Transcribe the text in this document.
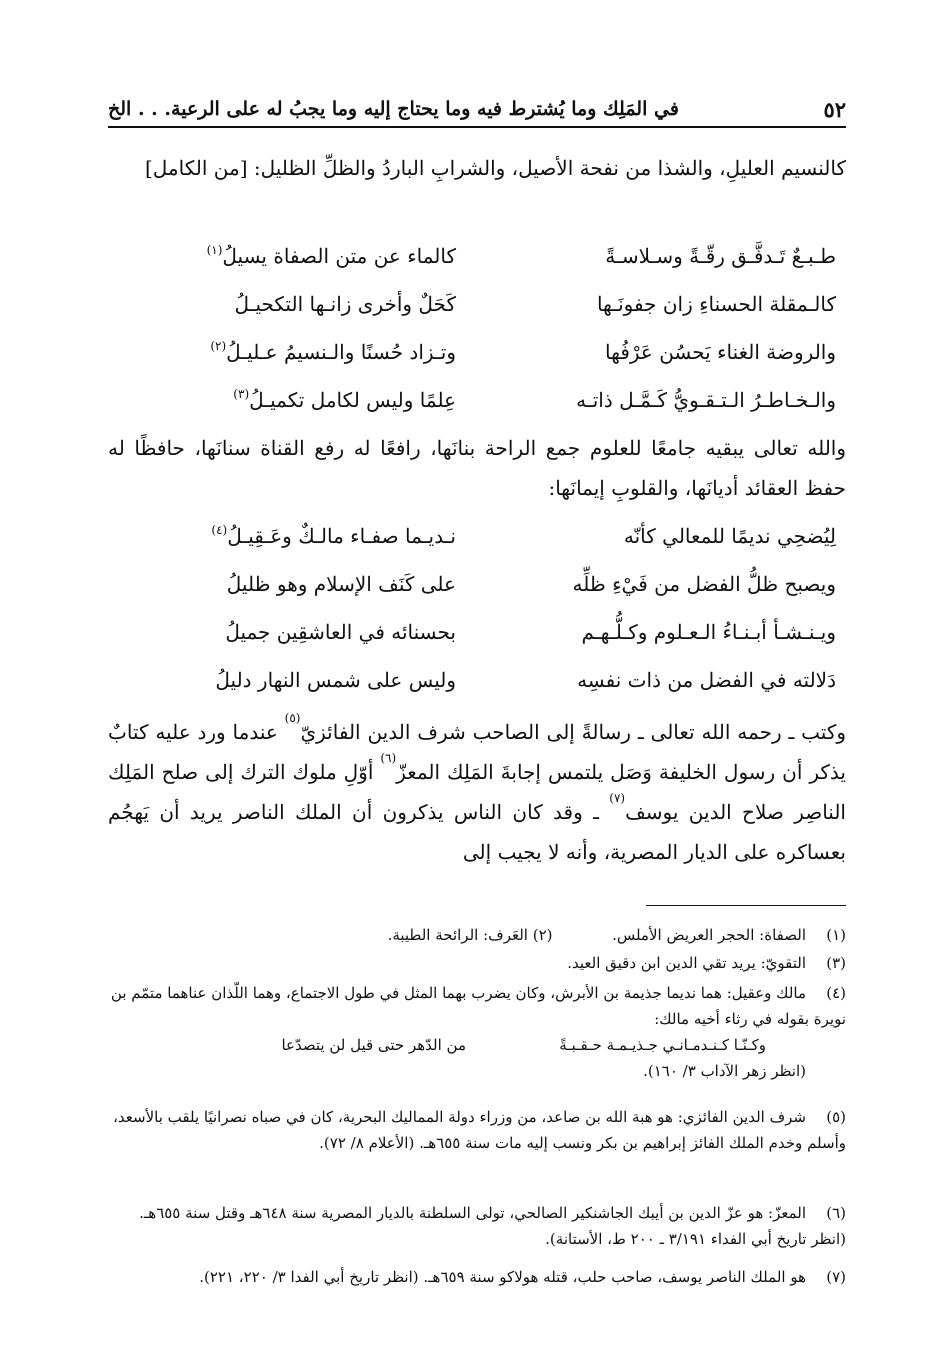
٥٢
في المَلِك وما يُشترط فيه وما يحتاج إليه وما يجبُ له على الرعية. . . الخ
كالنسيم العليلِ، والشذا من نفحة الأصيل، والشرابِ الباردُ والظلِّ الظليل: [من الكامل]
طـبـعٌ تَـدفَّـق رقّـةً وسـلاسـةً
كالماء عن متن الصفاة يسيلُ$^{(١)}$
كالـمقلة الحسناءِ زان جفونَـها
كَحَلٌ وأخرى زانـها التكحيـلُ
والروضة الغناء يَحسُن عَرْفُها
وتـزاد حُسنًا والـنسيمُ عـليـلُ$^{(٢)}$
والـخـاطـرُ الـتـقـويُّ كَـمَّـل ذاتـه
عِلمًا وليس لكامل تكميـلُ$^{(٣)}$
والله تعالى يبقيه جامعًا للعلوم جمع الراحة بنانَها، رافعًا له رفع القناة سنانَها، حافظًا له حفظ العقائد أديانَها، والقلوبِ إيمانَها:
لِيُضحِي نديمًا للمعالي كأنّه
نـديـما صفـاء مالـكٌ وعَـقِيـلُ$^{(٤)}$
ويصبح ظلُّ الفضل من فَيْءِ ظلِّه
على كَنَف الإسلام وهو ظليلُ
ويـنـشـأ أبـنـاءُ الـعـلوم وكـلُّـهـم
بحسنائه في العاشقِين جميلُ
دَلالته في الفضل من ذات نفسِه
وليس على شمس النهار دليلُ
وكتب ـ رحمه الله تعالى ـ رسالةً إلى الصاحب شرف الدين الفائزيّ$^{(٥)}$ عندما ورد عليه كتابٌ يذكر أن رسول الخليفة وَصَل يلتمس إجابةَ المَلِك المعزّ$^{(٦)}$ أوّلِ ملوك الترك إلى صلح المَلِك الناصِر صلاح الدين يوسف$^{(٧)}$ ـ وقد كان الناس يذكرون أن الملك الناصر يريد أن يَهجُم بعساكره على الديار المصرية، وأنه لا يجيب إلى
(١)الصفاة: الحجر العريض الأملس.  (٢) العَرف: الرائحة الطيبة.
(٣)التقويّ: يريد تقي الدين ابن دقيق العيد.
(٤)مالك وعقيل: هما نديما جذيمة بن الأبرش، وكان يضرب بهما المثل في طول الاجتماع، وهما اللّذان عناهما متمّم بن نويرة بقوله في رثاء أخيه مالك:
وكـنّـا كـنـدمـانـي جـذيـمـة حـقـبـةً
من الدّهر حتى قيل لن يتصدّعا
(انظر زهر الآداب ٣/ ١٦٠).
(٥)شرف الدين الفائزي: هو هبة الله بن صاعد، من وزراء دولة المماليك البحرية، كان في صباه نصرانيًا يلقب بالأسعد، وأسلم وخدم الملك الفائز إبراهيم بن بكر ونسب إليه مات سنة ٦٥٥هـ. (الأعلام ٨/ ٧٢).
(٦)المعزّ: هو عزّ الدين بن أيبك الجاشنكير الصالحي، تولى السلطنة بالديار المصرية سنة ٦٤٨هـ وقتل سنة ٦٥٥هـ. (انظر تاريخ أبي الفداء ٣/١٩١ ـ ٢٠٠ ط، الأستانة).
(٧)هو الملك الناصر يوسف، صاحب حلب، قتله هولاكو سنة ٦٥٩هـ. (انظر تاريخ أبي الفدا ٣/ ٢٢٠، ٢٢١).
